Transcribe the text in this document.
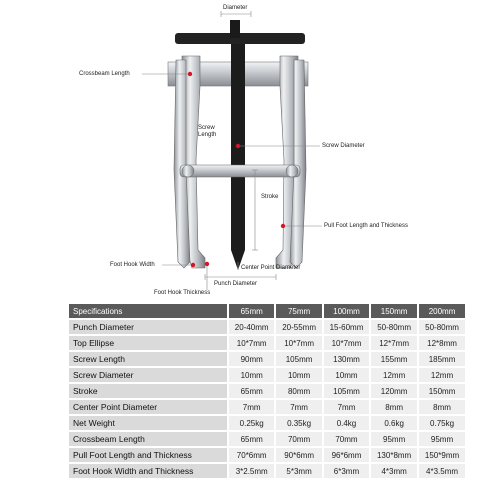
Diameter
Crossbeam Length
Screw
Length
Screw Diameter
Stroke
Pull Foot Length and Thickness
Foot Hook Width	Center Point Diameter
Punch Diameter
Foot Hook Thickness
Specifications	65mm	75mm	100mm	150mm	200mm
Punch Diameter	20-40mm	20-55mm	15-60mm	50-80mm	50-80mm
Top Ellipse	10*7mm	10*7mm	10*7mm	12*7mm	12*8mm
Screw Length	90mm	105mm	130mm	155mm	185mm
Screw Diameter	10mm	10mm	10mm	12mm	12mm
Stroke	65mm	80mm	105mm	120mm	150mm
Center Point Diameter	7mm	7mm	7mm	8mm	8mm
Net Weight	0.25kg	0.35kg	0.4kg	0.6kg	0.75kg
Crossbeam Length	65mm	70mm	70mm	95mm	95mm
Pull Foot Length and Thickness	70*6mm	90*6mm	96*6mm	130*8mm	150*9mm
Foot Hook Width and Thickness	3*2.5mm	5*3mm	6*3mm	4*3mm	4*3.5mm
